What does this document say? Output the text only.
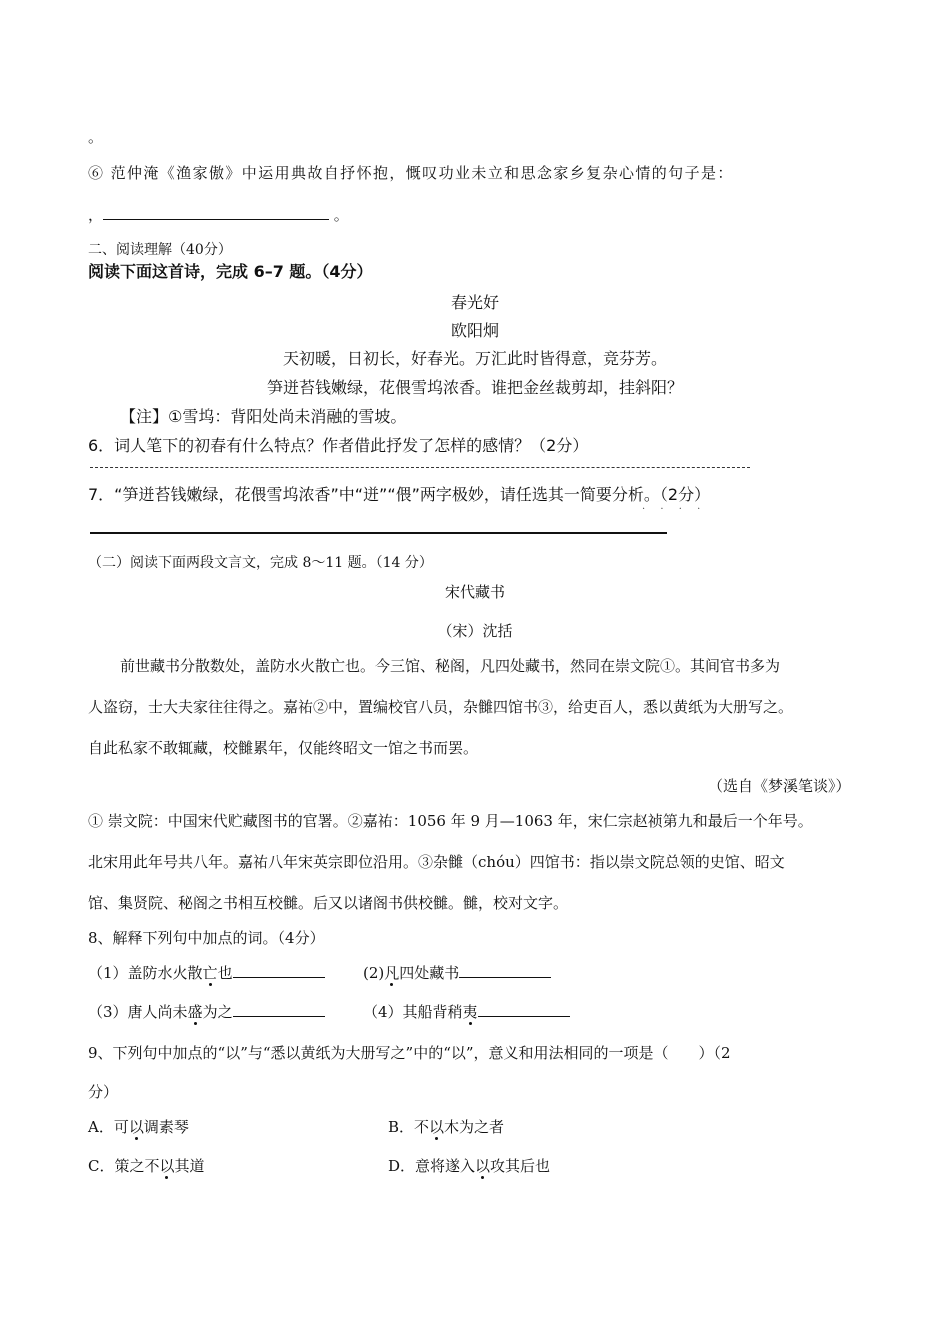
。
⑥ 范仲淹《渔家傲》中运用典故自抒怀抱，慨叹功业未立和思念家乡复杂心情的句子是：
，	。
二、阅读理解（40分）
阅读下面这首诗，完成 6–7 题。（4分）
春光好
欧阳炯
天初暖，日初长，好春光。万汇此时皆得意，竞芬芳。
笋迸苔钱嫩绿，花偎雪坞浓香。谁把金丝裁剪却，挂斜阳？
【注】①雪坞：背阳处尚未消融的雪坡。
6．词人笔下的初春有什么特点？作者借此抒发了怎样的感情？（2分）
7．“笋迸苔钱嫩绿，花偎雪坞浓香”中“迸”“偎”两字极妙，请任选其一简要分析。（2分）
· · · ·
（二）阅读下面两段文言文，完成 8～11 题。（14 分）
宋代藏书
（宋）沈括
前世藏书分散数处，盖防水火散亡也。今三馆、秘阁，凡四处藏书，然同在崇文院①。其间官书多为
人盗窃，士大夫家往往得之。嘉祐②中，置编校官八员，杂雠四馆书③，给吏百人，悉以黄纸为大册写之。
自此私家不敢辄藏，校雠累年，仅能终昭文一馆之书而罢。
（选自《梦溪笔谈》）
① 崇文院：中国宋代贮藏图书的官署。②嘉祐：1056 年 9 月—1063 年，宋仁宗赵祯第九和最后一个年号。
北宋用此年号共八年。嘉祐八年宋英宗即位沿用。③杂雠（chóu）四馆书：指以崇文院总领的史馆、昭文
馆、集贤院、秘阁之书相互校雠。后又以诸阁书供校雠。雠，校对文字。
8、解释下列句中加点的词。（4分）
（1）盖防水火散亡也	(2)凡四处藏书
（3）唐人尚未盛为之	（4）其船背稍夷
9、下列句中加点的“以”与“悉以黄纸为大册写之”中的“以”，意义和用法相同的一项是（　　）（2
分）
A．可以调素琴	B．不以木为之者
C．策之不以其道	D．意将遂入以攻其后也
